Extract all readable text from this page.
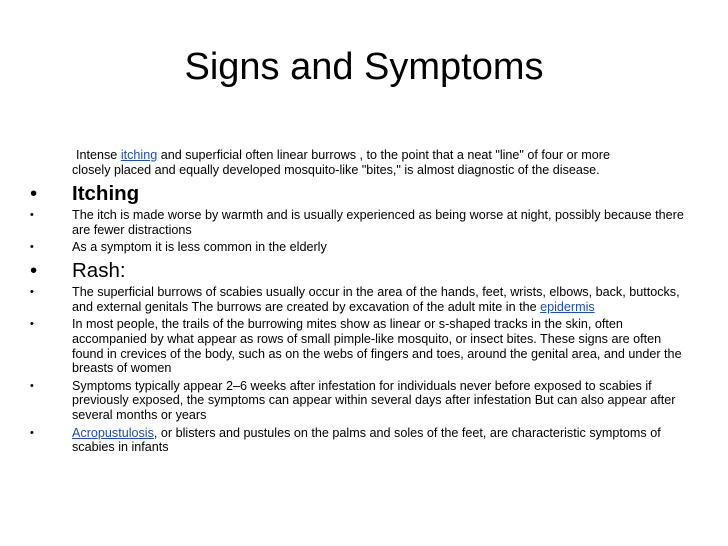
Signs and Symptoms
Intense itching and superficial often linear burrows , to the point that a neat "line" of four or more
closely placed and equally developed mosquito-like "bites," is almost diagnostic of the disease.
•	Itching
•	The itch is made worse by warmth and is usually experienced as being worse at night, possibly because there are fewer distractions
•	As a symptom it is less common in the elderly
•	Rash:
•	The superficial burrows of scabies usually occur in the area of the hands, feet, wrists, elbows, back, buttocks, and external genitals The burrows are created by excavation of the adult mite in the epidermis
•	In most people, the trails of the burrowing mites show as linear or s-shaped tracks in the skin, often accompanied by what appear as rows of small pimple-like mosquito, or insect bites. These signs are often found in crevices of the body, such as on the webs of fingers and toes, around the genital area, and under the breasts of women
•	Symptoms typically appear 2–6 weeks after infestation for individuals never before exposed to scabies if previously exposed, the symptoms can appear within several days after infestation But can also appear after several months or years
•	Acropustulosis, or blisters and pustules on the palms and soles of the feet, are characteristic symptoms of scabies in infants
